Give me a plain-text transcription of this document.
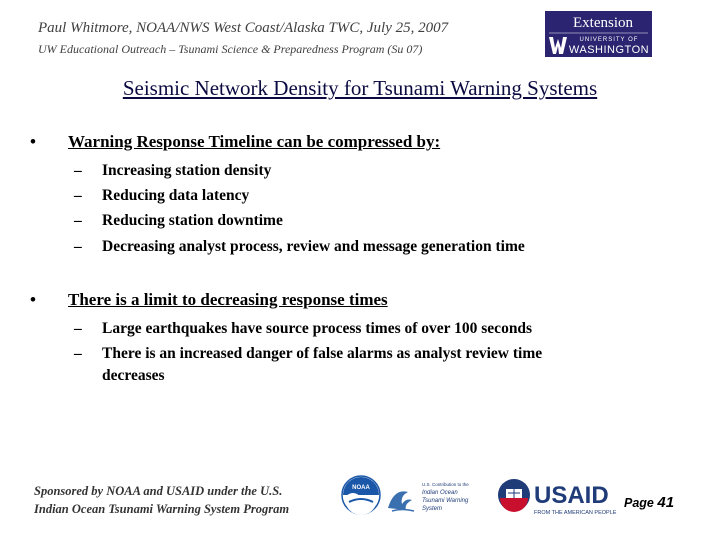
Paul Whitmore, NOAA/NWS West Coast/Alaska TWC, July 25, 2007
UW Educational Outreach – Tsunami Science & Preparedness Program (Su 07)
Extension
UNIVERSITY OF
WASHINGTON
Seismic Network Density for Tsunami Warning Systems
• Warning Response Timeline can be compressed by:
– Increasing station density
– Reducing data latency
– Reducing station downtime
– Decreasing analyst process, review and message generation time
• There is a limit to decreasing response times
– Large earthquakes have source process times of over 100 seconds
– There is an increased danger of false alarms as analyst review time
decreases
Sponsored by NOAA and USAID under the U.S.
Indian Ocean Tsunami Warning System Program
NOAA
U.S. Contribution to the
Indian Ocean
Tsunami Warning
System	USAID
FROM THE AMERICAN PEOPLE
Page 41
